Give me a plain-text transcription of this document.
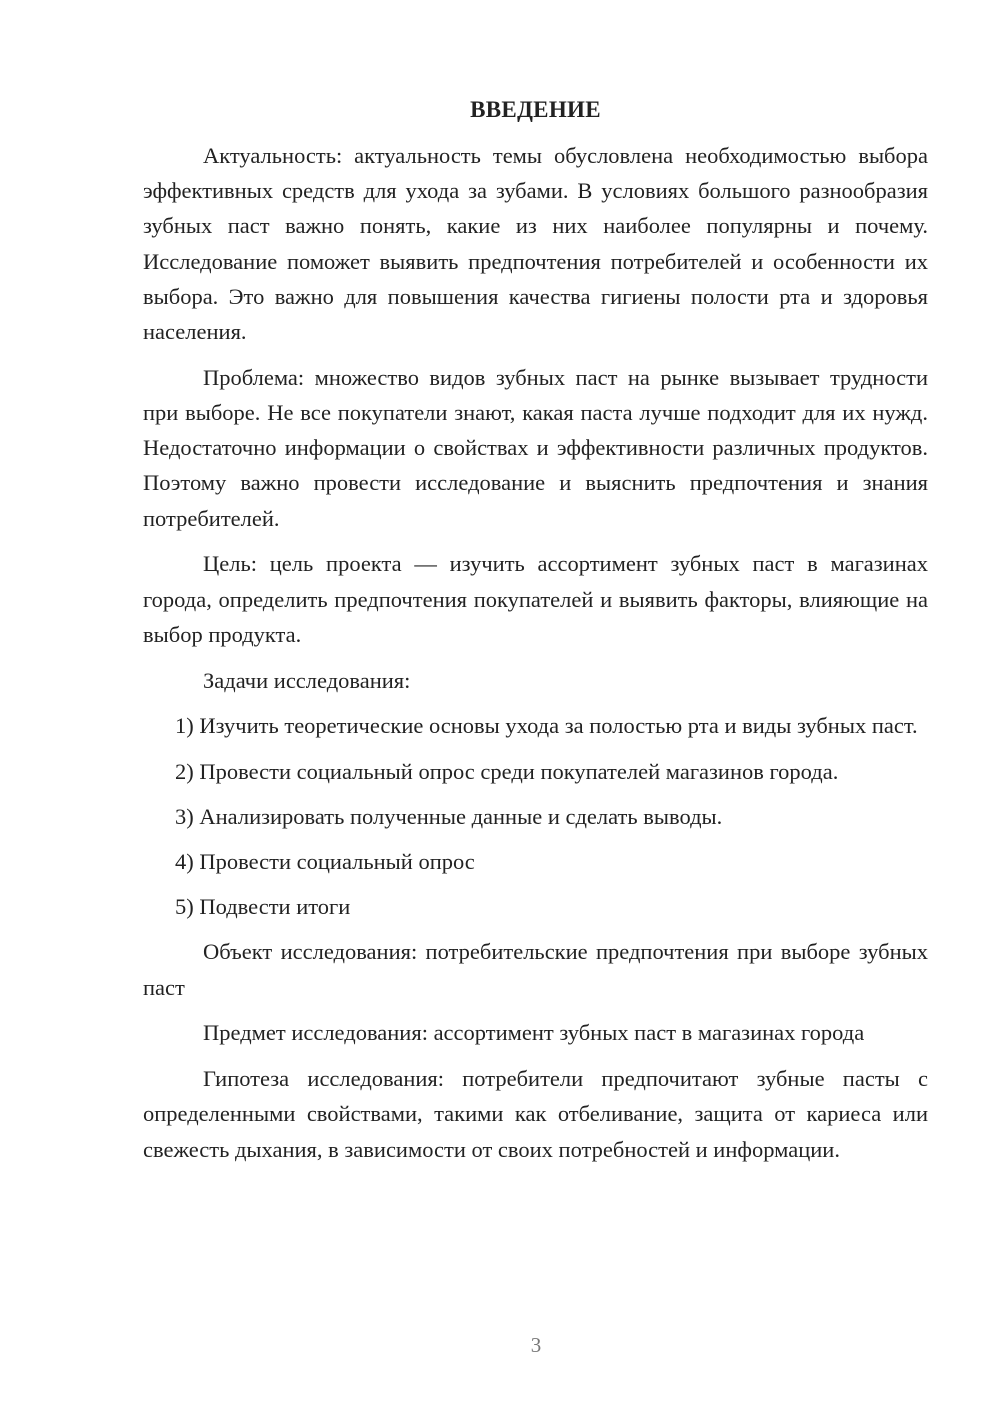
ВВЕДЕНИЕ

Актуальность: актуальность темы обусловлена необходимостью выбора эффективных средств для ухода за зубами. В условиях большого разнообразия зубных паст важно понять, какие из них наиболее популярны и почему. Исследование поможет выявить предпочтения потребителей и особенности их выбора. Это важно для повышения качества гигиены полости рта и здоровья населения.

Проблема: множество видов зубных паст на рынке вызывает трудности при выборе. Не все покупатели знают, какая паста лучше подходит для их нужд. Недостаточно информации о свойствах и эффективности различных продуктов. Поэтому важно провести исследование и выяснить предпочтения и знания потребителей.

Цель: цель проекта — изучить ассортимент зубных паст в магазинах города, определить предпочтения покупателей и выявить факторы, влияющие на выбор продукта.

Задачи исследования:

1) Изучить теоретические основы ухода за полостью рта и виды зубных паст.

2) Провести социальный опрос среди покупателей магазинов города.

3) Анализировать полученные данные и сделать выводы.

4) Провести социальный опрос

5) Подвести итоги

Объект исследования: потребительские предпочтения при выборе зубных паст

Предмет исследования: ассортимент зубных паст в магазинах города

Гипотеза исследования: потребители предпочитают зубные пасты с определенными свойствами, такими как отбеливание, защита от кариеса или свежесть дыхания, в зависимости от своих потребностей и информации.

3
